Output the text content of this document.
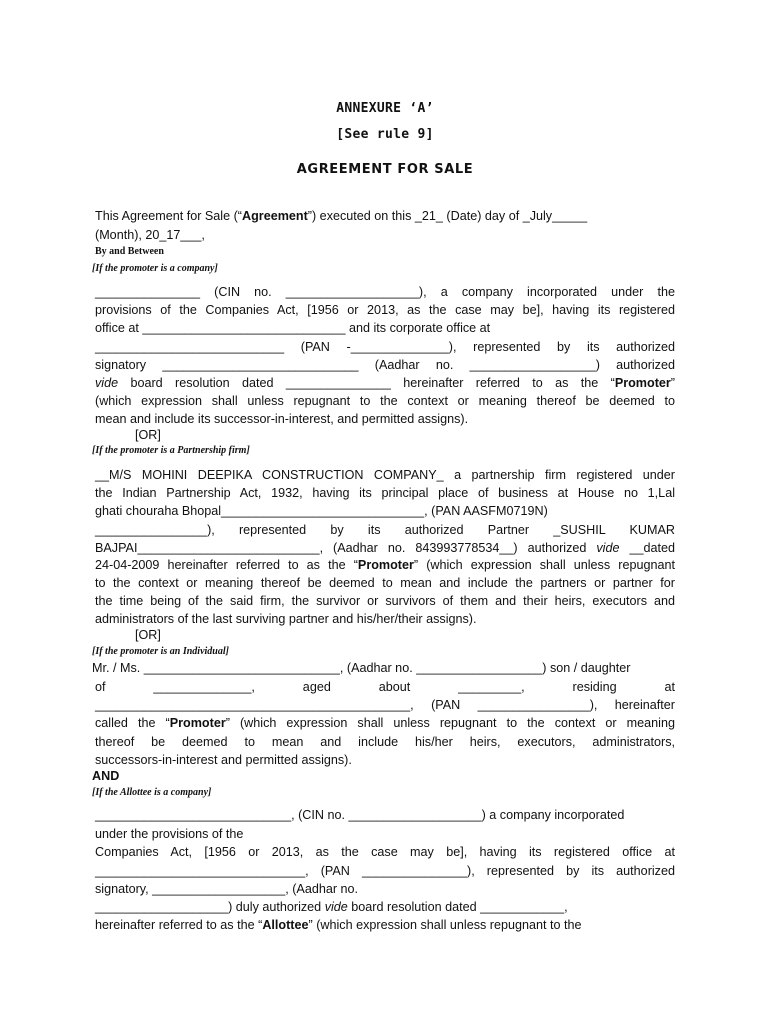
ANNEXURE ‘A’
[See rule 9]
AGREEMENT FOR SALE
This Agreement for Sale (“Agreement”) executed on this _21_ (Date) day of _July_____
(Month), 20_17___,
By and Between
[If the promoter is a company]
_______________ (CIN no. ___________________), a company incorporated under the
provisions of the Companies Act, [1956 or 2013, as the case may be], having its registered
office at _____________________________ and its corporate office at
___________________________ (PAN -______________), represented by its authorized
signatory ____________________________ (Aadhar no. __________________) authorized
vide board resolution dated _______________ hereinafter referred to as the “Promoter”
(which expression shall unless repugnant to the context or meaning thereof be deemed to
mean and include its successor-in-interest, and permitted assigns).
[OR]
[If the promoter is a Partnership firm]
__M/S MOHINI DEEPIKA CONSTRUCTION COMPANY_ a partnership firm registered under
the Indian Partnership Act, 1932, having its principal place of business at House no 1,Lal
ghati chouraha Bhopal_____________________________, (PAN AASFM0719N)
________________), represented by its authorized Partner _SUSHIL KUMAR
BAJPAI__________________________, (Aadhar no. 843993778534__) authorized vide __dated
24-04-2009 hereinafter referred to as the “Promoter” (which expression shall unless repugnant
to the context or meaning thereof be deemed to mean and include the partners or partner for
the time being of the said firm, the survivor or survivors of them and their heirs, executors and
administrators of the last surviving partner and his/her/their assigns).
[OR]
[If the promoter is an Individual]
Mr. / Ms. ____________________________, (Aadhar no. __________________) son / daughter
of ______________, aged about _________, residing at
_____________________________________________, (PAN ________________), hereinafter
called the “Promoter” (which expression shall unless repugnant to the context or meaning
thereof be deemed to mean and include his/her heirs, executors, administrators,
successors-in-interest and permitted assigns).
AND
[If the Allottee is a company]
____________________________, (CIN no. ___________________) a company incorporated
under the provisions of the
Companies Act, [1956 or 2013, as the case may be], having its registered office at
______________________________, (PAN _______________), represented by its authorized
signatory, ___________________, (Aadhar no.
___________________) duly authorized vide board resolution dated ____________,
hereinafter referred to as the “Allottee” (which expression shall unless repugnant to the
